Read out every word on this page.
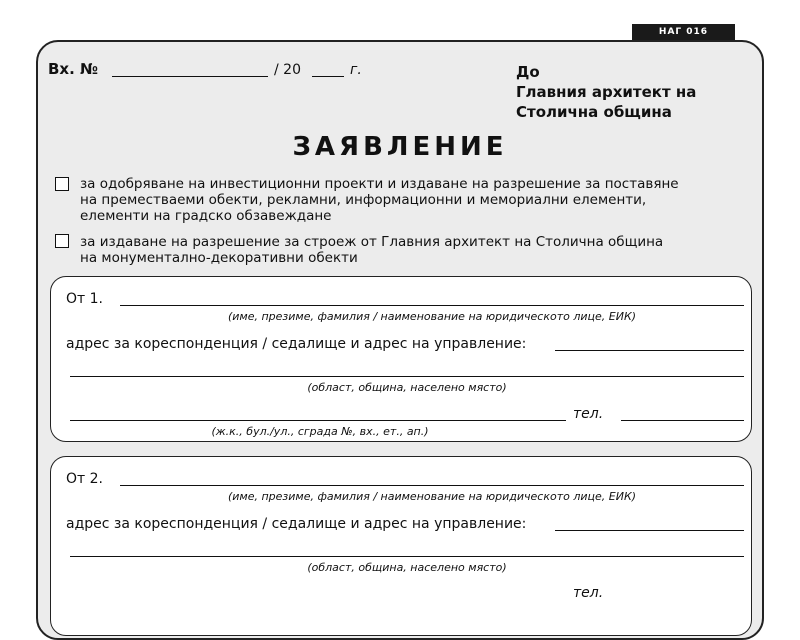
НАГ 016
Вх. №	/ 20	г.	До
Главния архитект на
Столична община
ЗАЯВЛЕНИЕ
за одобряване на инвестиционни проекти и издаване на разрешение за поставяне
на преместваеми обекти, рекламни, информационни и мемориални елементи,
елементи на градско обзавеждане
за издаване на разрешение за строеж от Главния архитект на Столична община
на монументално-декоративни обекти
От 1.
(име, презиме, фамилия / наименование на юридическото лице, ЕИК)
адрес за кореспонденция / седалище и адрес на управление:
(област, община, населено място)
тел.
(ж.к., бул./ул., сграда №, вх., ет., ап.)
От 2.
(име, презиме, фамилия / наименование на юридическото лице, ЕИК)
адрес за кореспонденция / седалище и адрес на управление:
(област, община, населено място)
тел.
